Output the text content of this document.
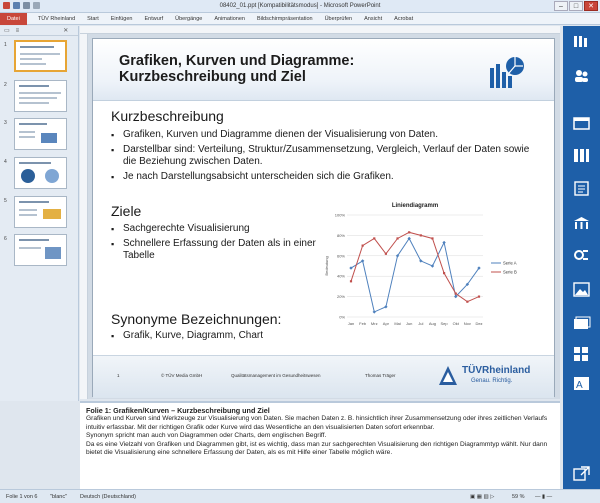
08402_01.ppt [Kompatibilitätsmodus] - Microsoft PowerPoint	–	□	✕
Datei	TÜV Rheinland Start Einfügen Entwurf Übergänge Animationen Bildschirmpräsentation Überprüfen Ansicht Acrobat
▭ ≡	✕
1
2
3
4
5
6
Grafiken, Kurven und Diagramme: Kurzbeschreibung und Ziel
Kurzbeschreibung
▪ Grafiken, Kurven und Diagramme dienen der Visualisierung von Daten.
▪ Darstellbar sind: Verteilung, Struktur/Zusammensetzung, Vergleich, Verlauf der Daten sowie die Beziehung zwischen Daten.
▪ Je nach Darstellungsabsicht unterscheiden sich die Grafiken.
Ziele
▪ Sachgerechte Visualisierung
▪ Schnellere Erfassung der Daten als in einer Tabelle
Synonyme Bezeichnungen:
▪ Grafik, Kurve, Diagramm, Chart
Liniendiagramm
0%
20%
40%
60%
80%
100%
Bedeutung
Jan Feb Mrz Apr Mai Jun Jul Aug Sep Okt Nov Dez
Serie A
Serie B
1	© TÜV Media GmbH	Qualitätsmanagement im Gesundheitswesen	Thomas Träger	TÜVRheinland
Genau. Richtig.
Folie 1: Grafiken/Kurven – Kurzbeschreibung und Ziel
Grafiken und Kurven sind Werkzeuge zur Visualisierung von Daten. Sie machen Daten z. B. hinsichtlich ihrer Zusammensetzung oder ihres zeitlichen Verlaufs intuitiv erfassbar. Mit der richtigen Grafik oder Kurve wird das Wesentliche an den visualisierten Daten sofort erkennbar.
Synonym spricht man auch von Diagrammen oder Charts, dem englischen Begriff.
Da es eine Vielzahl von Grafiken und Diagrammen gibt, ist es wichtig, dass man zur sachgerechten Visualisierung den richtigen Diagrammtyp wählt. Nur dann bietet die Visualisierung eine schnellere Erfassung der Daten, als es mit Hilfe einer Tabelle möglich wäre.
A
Folie 1 von 6 "blanc" Deutsch (Deutschland)	▣ ▦ ▥ ▷	59 % — ▮ —
